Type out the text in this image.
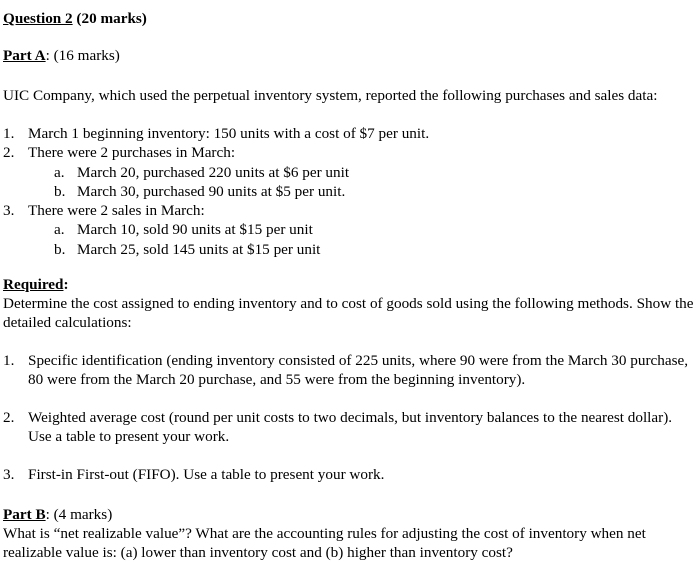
Question 2 (20 marks)
Part A: (16 marks)

UIC Company, which used the perpetual inventory system, reported the following purchases and sales data:

1. March 1 beginning inventory: 150 units with a cost of $7 per unit.
2. There were 2 purchases in March:
a. March 20, purchased 220 units at $6 per unit
b. March 30, purchased 90 units at $5 per unit.
3. There were 2 sales in March:
a. March 10, sold 90 units at $15 per unit
b. March 25, sold 145 units at $15 per unit
Required:

Determine the cost assigned to ending inventory and to cost of goods sold using the following methods. Show the detailed calculations:

1. Specific identification (ending inventory consisted of 225 units, where 90 were from the March 30 purchase, 80 were from the March 20 purchase, and 55 were from the beginning inventory).
2. Weighted average cost (round per unit costs to two decimals, but inventory balances to the nearest dollar). Use a table to present your work.
3. First-in First-out (FIFO). Use a table to present your work.
Part B: (4 marks)

What is “net realizable value”? What are the accounting rules for adjusting the cost of inventory when net realizable value is: (a) lower than inventory cost and (b) higher than inventory cost?
